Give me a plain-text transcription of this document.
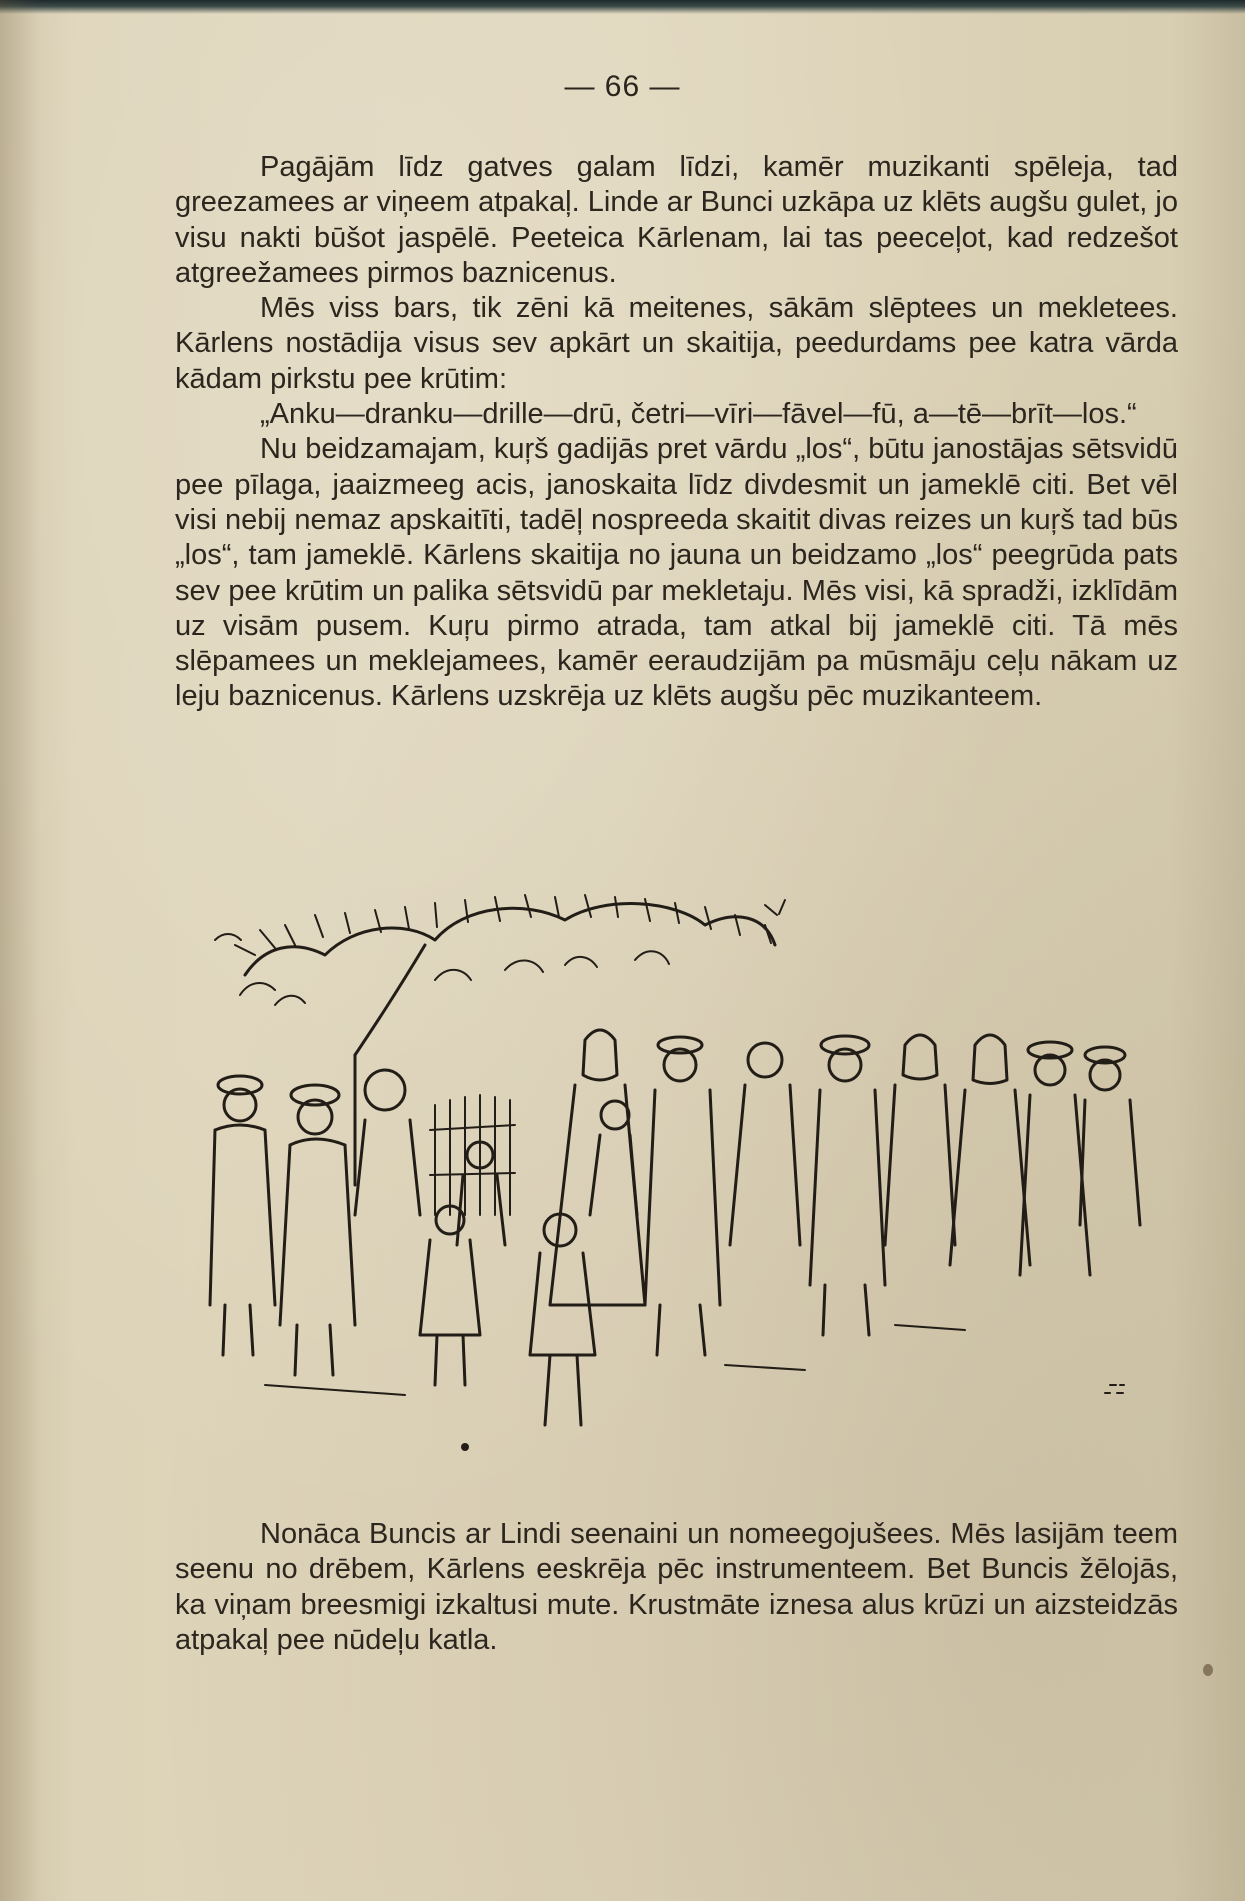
— 66 —

Pagājām līdz gatves galam līdzi, kamēr muzikanti spēleja, tad greezamees ar viņeem atpakaļ. Linde ar Bunci uzkāpa uz klēts augšu gulet, jo visu nakti būšot jaspēlē. Peeteica Kārlenam, lai tas peeceļot, kad redzešot atgreežamees pirmos baznicenus.

Mēs viss bars, tik zēni kā meitenes, sākām slēptees un mekletees. Kārlens nostādija visus sev apkārt un skaitija, peedurdams pee katra vārda kādam pirkstu pee krūtim:

„Anku—dranku—drille—drū, četri—vīri—fāvel—fū, a—tē—brīt—los.“

Nu beidzamajam, kuŗš gadijās pret vārdu „los“, būtu janostājas sētsvidū pee pīlaga, jaaizmeeg acis, janoskaita līdz divdesmit un jameklē citi. Bet vēl visi nebij nemaz apskaitīti, tadēļ nospreeda skaitit divas reizes un kuŗš tad būs „los“, tam jameklē. Kārlens skaitija no jauna un beidzamo „los“ peegrūda pats sev pee krūtim un palika sētsvidū par mekletaju. Mēs visi, kā spradži, izklīdām uz visām pusem. Kuŗu pirmo atrada, tam atkal bij jameklē citi. Tā mēs slēpamees un meklejamees, kamēr eeraudzijām pa mūsmāju ceļu nākam uz leju baznicenus. Kārlens uzskrēja uz klēts augšu pēc muzikanteem.

Nonāca Buncis ar Lindi seenaini un nomeegojušees. Mēs lasijām teem seenu no drēbem, Kārlens eeskrēja pēc instrumenteem. Bet Buncis žēlojās, ka viņam breesmigi izkaltusi mute. Krustmāte iznesa alus krūzi un aizsteidzās atpakaļ pee nūdeļu katla.
